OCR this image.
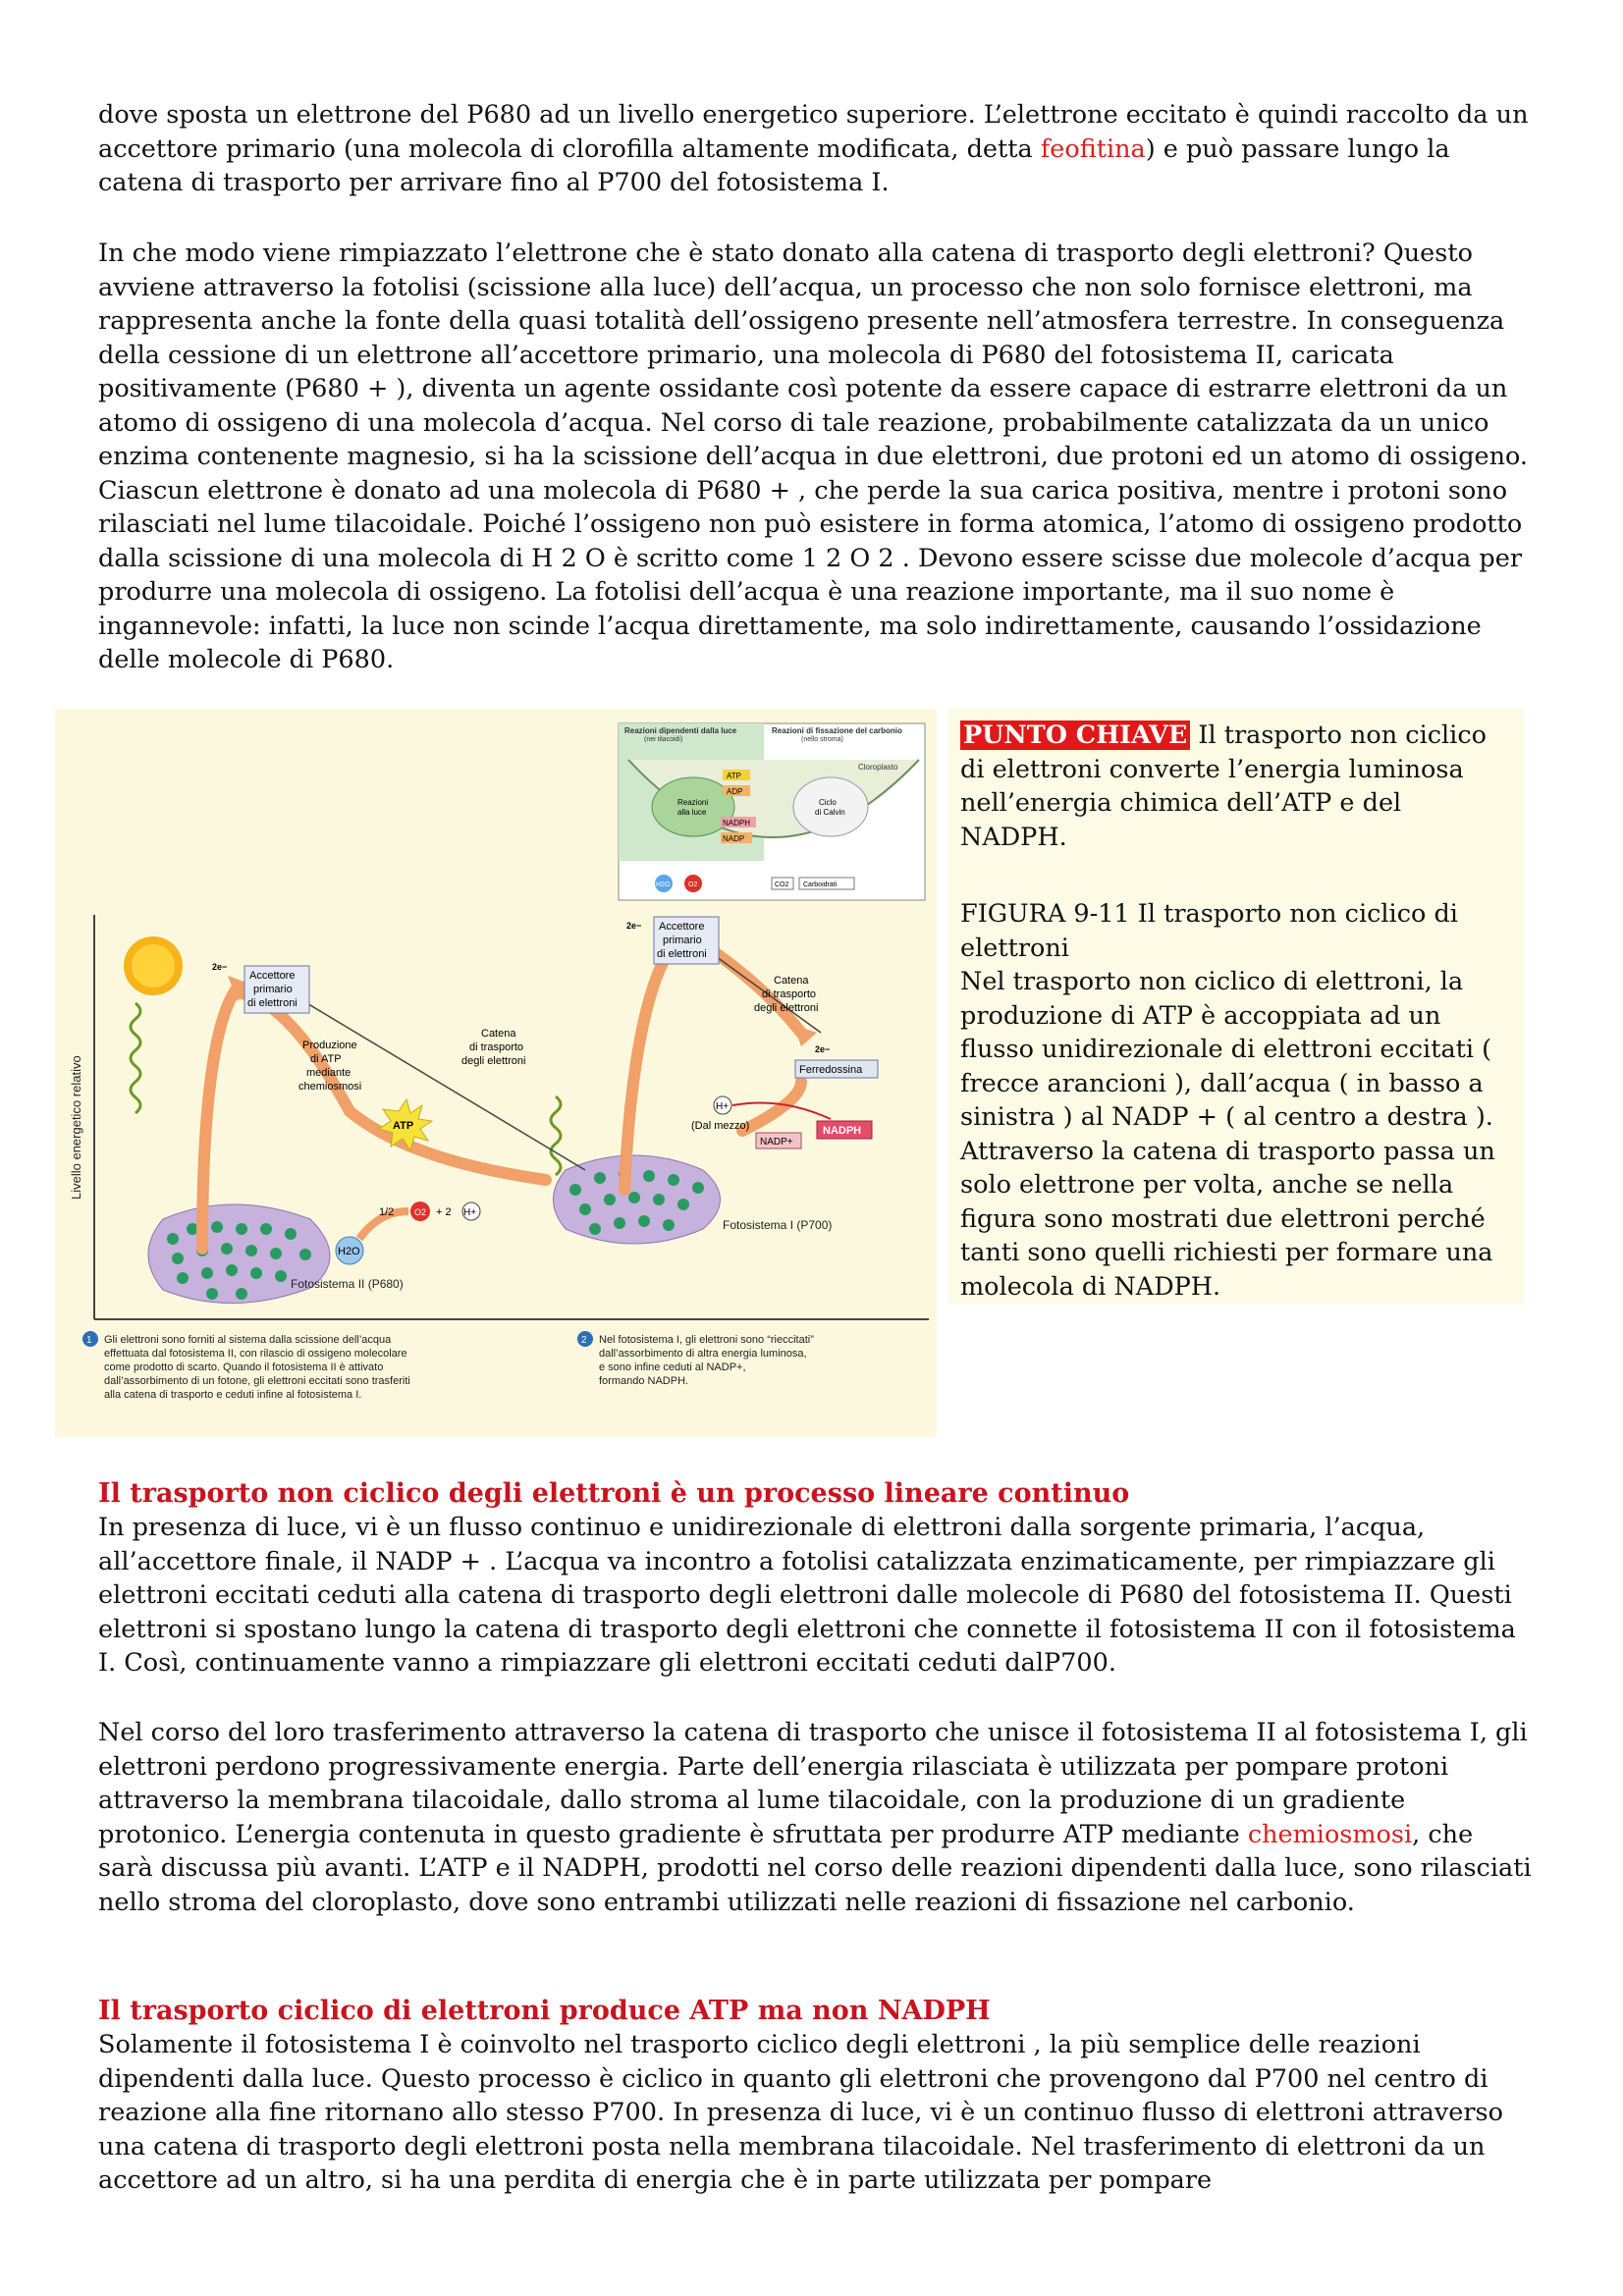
dove sposta un elettrone del P680 ad un livello energetico superiore. L’elettrone eccitato è quindi raccolto da un accettore primario (una molecola di clorofilla altamente modificata, detta feofitina) e può passare lungo la catena di trasporto per arrivare fino al P700 del fotosistema I.

In che modo viene rimpiazzato l’elettrone che è stato donato alla catena di trasporto degli elettroni? Questo avviene attraverso la fotolisi (scissione alla luce) dell’acqua, un processo che non solo fornisce elettroni, ma rappresenta anche la fonte della quasi totalità dell’ossigeno presente nell’atmosfera terrestre. In conseguenza della cessione di un elettrone all’accettore primario, una molecola di P680 del fotosistema II, caricata positivamente (P680 + ), diventa un agente ossidante così potente da essere capace di estrarre elettroni da un atomo di ossigeno di una molecola d’acqua. Nel corso di tale reazione, probabilmente catalizzata da un unico enzima contenente magnesio, si ha la scissione dell’acqua in due elettroni, due protoni ed un atomo di ossigeno. Ciascun elettrone è donato ad una molecola di P680 + , che perde la sua carica positiva, mentre i protoni sono rilasciati nel lume tilacoidale. Poiché l’ossigeno non può esistere in forma atomica, l’atomo di ossigeno prodotto dalla scissione di una molecola di H 2 O è scritto come 1 2 O 2 . Devono essere scisse due molecole d’acqua per produrre una molecola di ossigeno. La fotolisi dell’acqua è una reazione importante, ma il suo nome è ingannevole: infatti, la luce non scinde l’acqua direttamente, ma solo indirettamente, causando l’ossidazione delle molecole di P680.

Reazioni dipendenti dalla luce
(nei tilacoidi)
Reazioni di fissazione del carbonio
(nello stroma)
Cloroplasto
ATP
ADP
NADPH
NADP
Reazioni
alla luce
Ciclo
di Calvin
H2O	O2	CO2 Carboidrati
Livello energetico relativo
Fotosistema II (P680)
Fotosistema I (P700)
Accettore
primario
di elettroni
Accettore
primario
di elettroni
Produzione
di ATP
mediante
chemiosmosi
ATP
Catena
di trasporto
degli elettroni
Catena
di trasporto
degli elettroni
Ferredossina
H+
(Dal mezzo)
NADP+
NADPH
H2O
1/2 O2 + 2 H+
2e−
2e−
2e−
1 Gli elettroni sono forniti al sistema dalla scissione dell’acqua
effettuata dal fotosistema II, con rilascio di ossigeno molecolare
come prodotto di scarto. Quando il fotosistema II è attivato
dall’assorbimento di un fotone, gli elettroni eccitati sono trasferiti
alla catena di trasporto e ceduti infine al fotosistema I.
2 Nel fotosistema I, gli elettroni sono “rieccitati”
dall’assorbimento di altra energia luminosa,
e sono infine ceduti al NADP+,
formando NADPH.

PUNTO CHIAVE Il trasporto non ciclico di elettroni converte l’energia luminosa nell’energia chimica dell’ATP e del NADPH.

FIGURA 9-11 Il trasporto non ciclico di elettroni
Nel trasporto non ciclico di elettroni, la produzione di ATP è accoppiata ad un flusso unidirezionale di elettroni eccitati ( frecce arancioni ), dall’acqua ( in basso a sinistra ) al NADP + ( al centro a destra ). Attraverso la catena di trasporto passa un solo elettrone per volta, anche se nella figura sono mostrati due elettroni perché tanti sono quelli richiesti per formare una molecola di NADPH.

Il trasporto non ciclico degli elettroni è un processo lineare continuo

In presenza di luce, vi è un flusso continuo e unidirezionale di elettroni dalla sorgente primaria, l’acqua, all’accettore finale, il NADP + . L’acqua va incontro a fotolisi catalizzata enzimaticamente, per rimpiazzare gli elettroni eccitati ceduti alla catena di trasporto degli elettroni dalle molecole di P680 del fotosistema II. Questi elettroni si spostano lungo la catena di trasporto degli elettroni che connette il fotosistema II con il fotosistema I. Così, continuamente vanno a rimpiazzare gli elettroni eccitati ceduti dalP700.

Nel corso del loro trasferimento attraverso la catena di trasporto che unisce il fotosistema II al fotosistema I, gli elettroni perdono progressivamente energia. Parte dell’energia rilasciata è utilizzata per pompare protoni attraverso la membrana tilacoidale, dallo stroma al lume tilacoidale, con la produzione di un gradiente protonico. L’energia contenuta in questo gradiente è sfruttata per produrre ATP mediante chemiosmosi, che sarà discussa più avanti. L’ATP e il NADPH, prodotti nel corso delle reazioni dipendenti dalla luce, sono rilasciati nello stroma del cloroplasto, dove sono entrambi utilizzati nelle reazioni di fissazione nel carbonio.

Il trasporto ciclico di elettroni produce ATP ma non NADPH

Solamente il fotosistema I è coinvolto nel trasporto ciclico degli elettroni , la più semplice delle reazioni dipendenti dalla luce. Questo processo è ciclico in quanto gli elettroni che provengono dal P700 nel centro di reazione alla fine ritornano allo stesso P700. In presenza di luce, vi è un continuo flusso di elettroni attraverso una catena di trasporto degli elettroni posta nella membrana tilacoidale. Nel trasferimento di elettroni da un accettore ad un altro, si ha una perdita di energia che è in parte utilizzata per pompare
